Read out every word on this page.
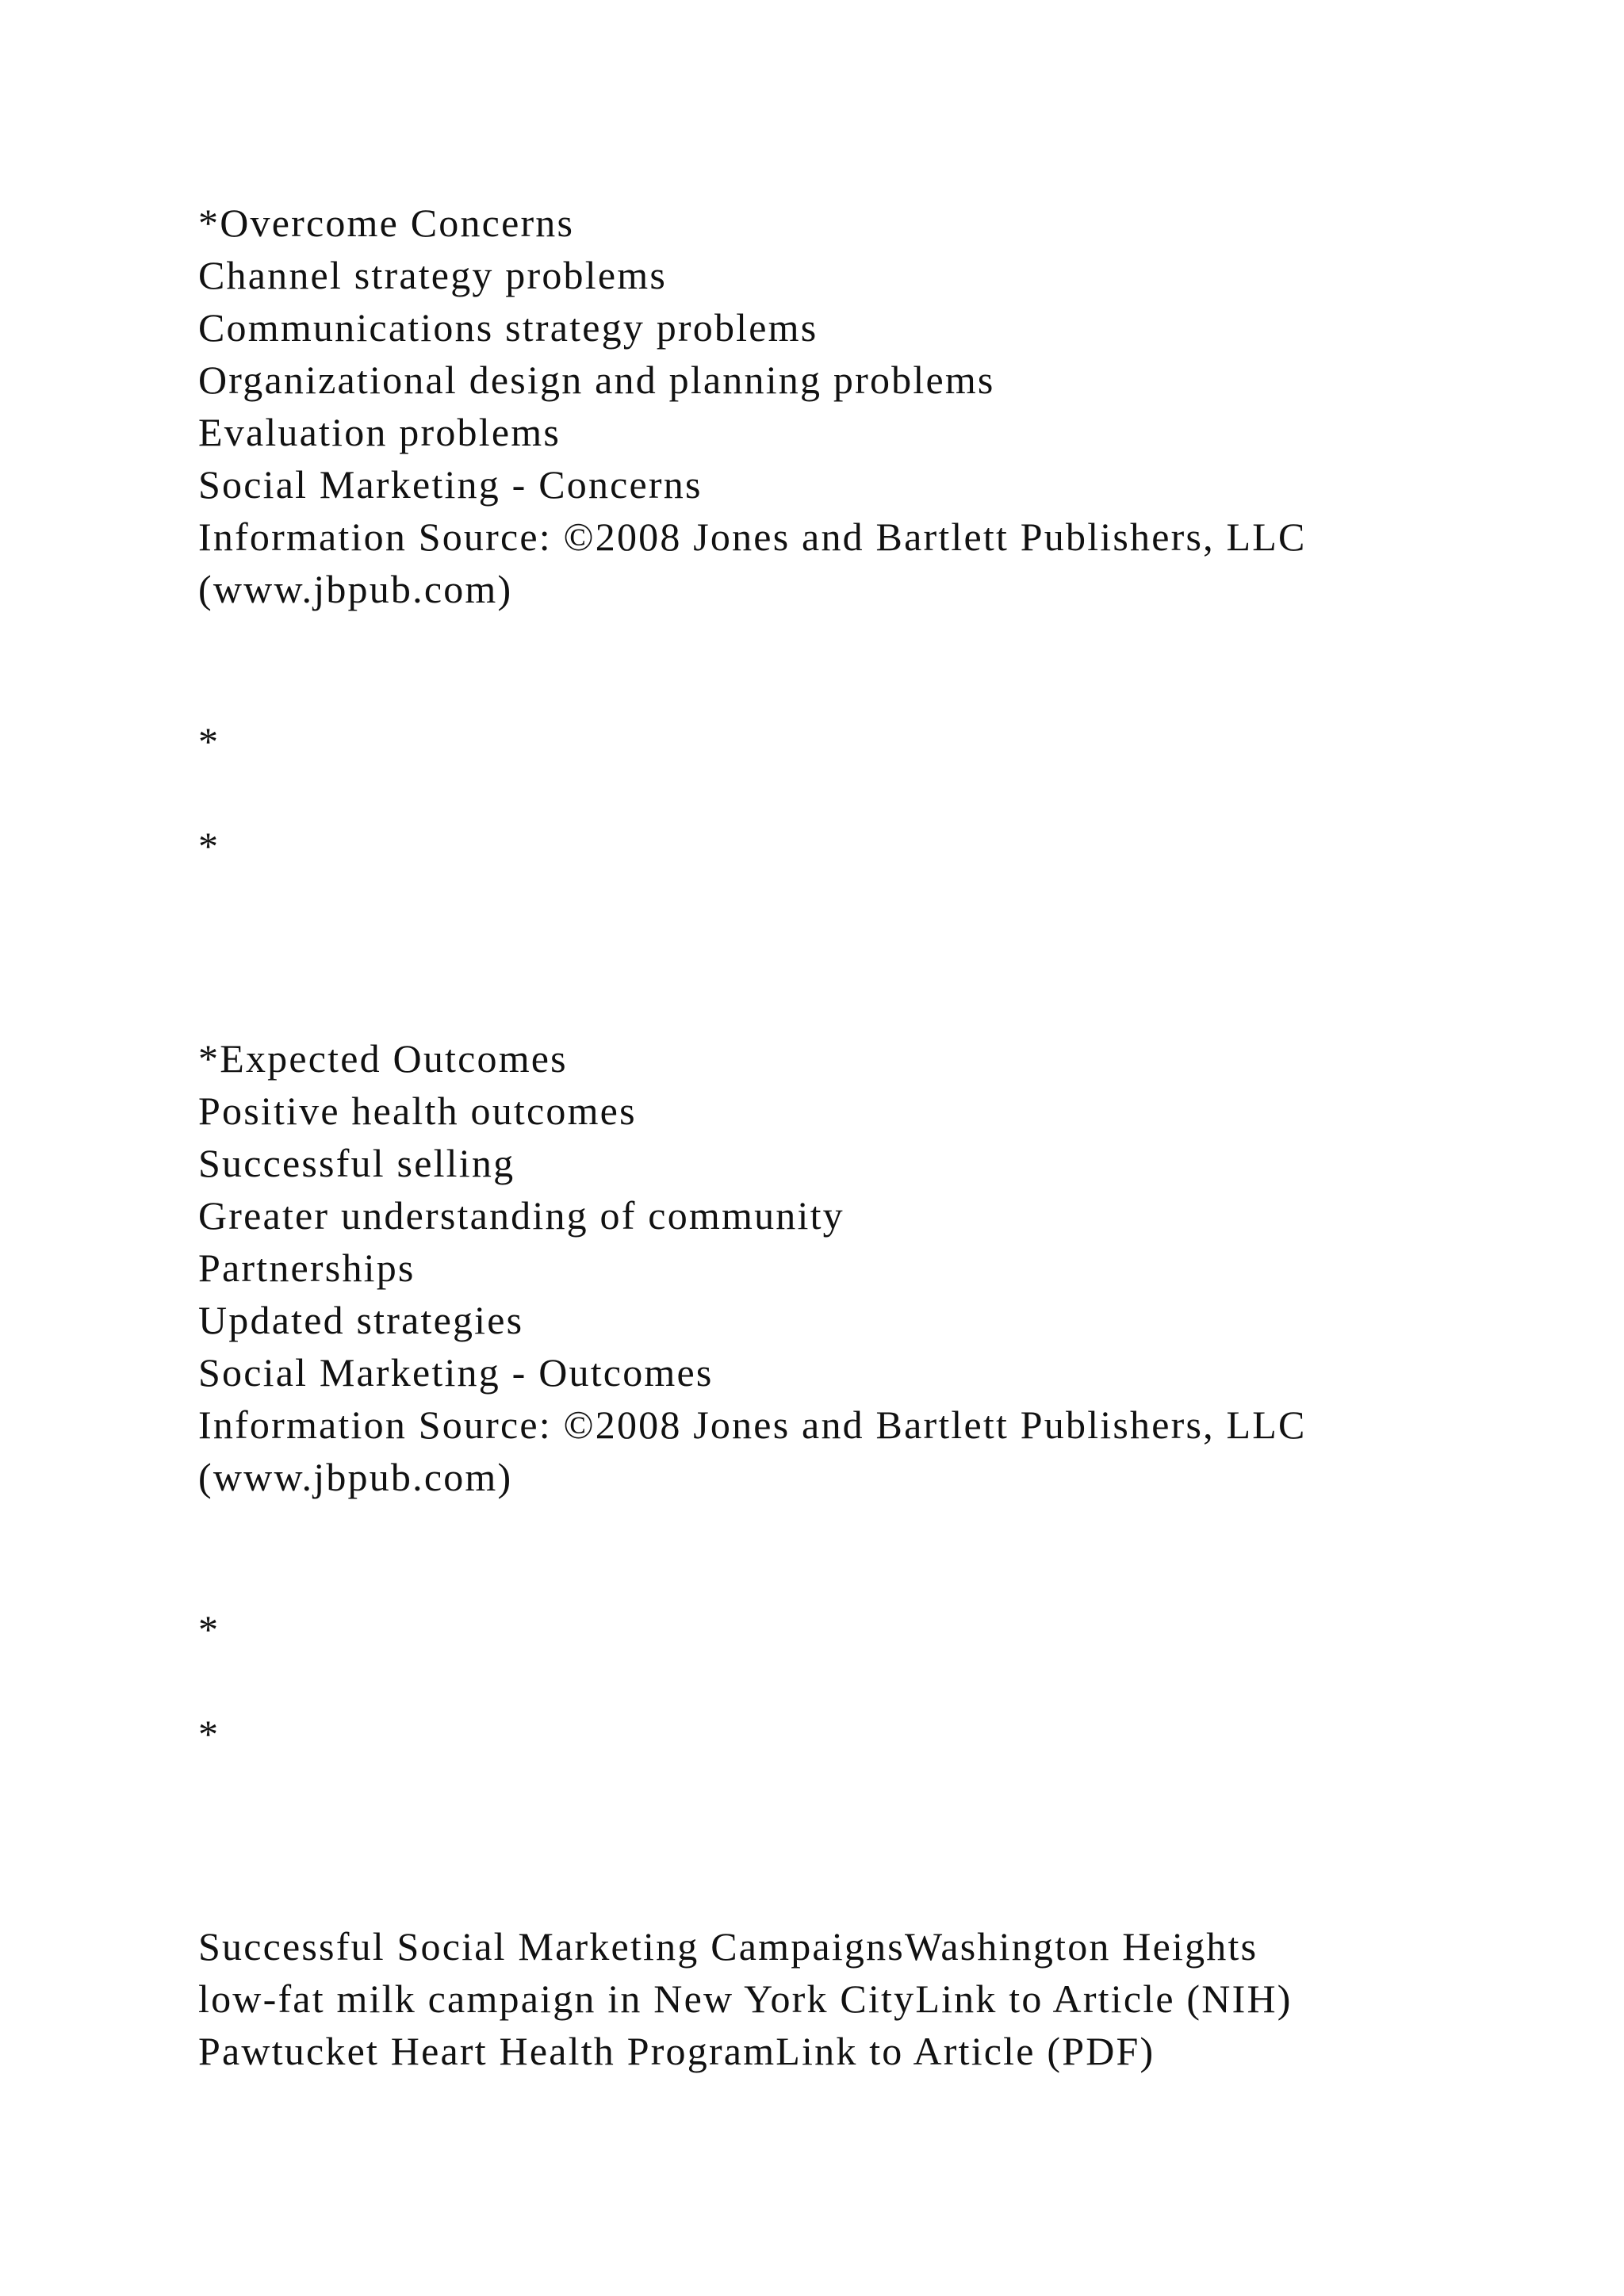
*Overcome Concerns

Channel strategy problems

Communications strategy problems

Organizational design and planning problems

Evaluation problems

Social Marketing - Concerns

Information Source: ©2008 Jones and Bartlett Publishers, LLC

(www.jbpub.com)

*

*

*Expected Outcomes

Positive health outcomes

Successful selling

Greater understanding of community

Partnerships

Updated strategies

Social Marketing - Outcomes

Information Source: ©2008 Jones and Bartlett Publishers, LLC

(www.jbpub.com)

*

*

Successful Social Marketing CampaignsWashington Heights

low-fat milk campaign in New York CityLink to Article (NIH)

Pawtucket Heart Health ProgramLink to Article (PDF)
